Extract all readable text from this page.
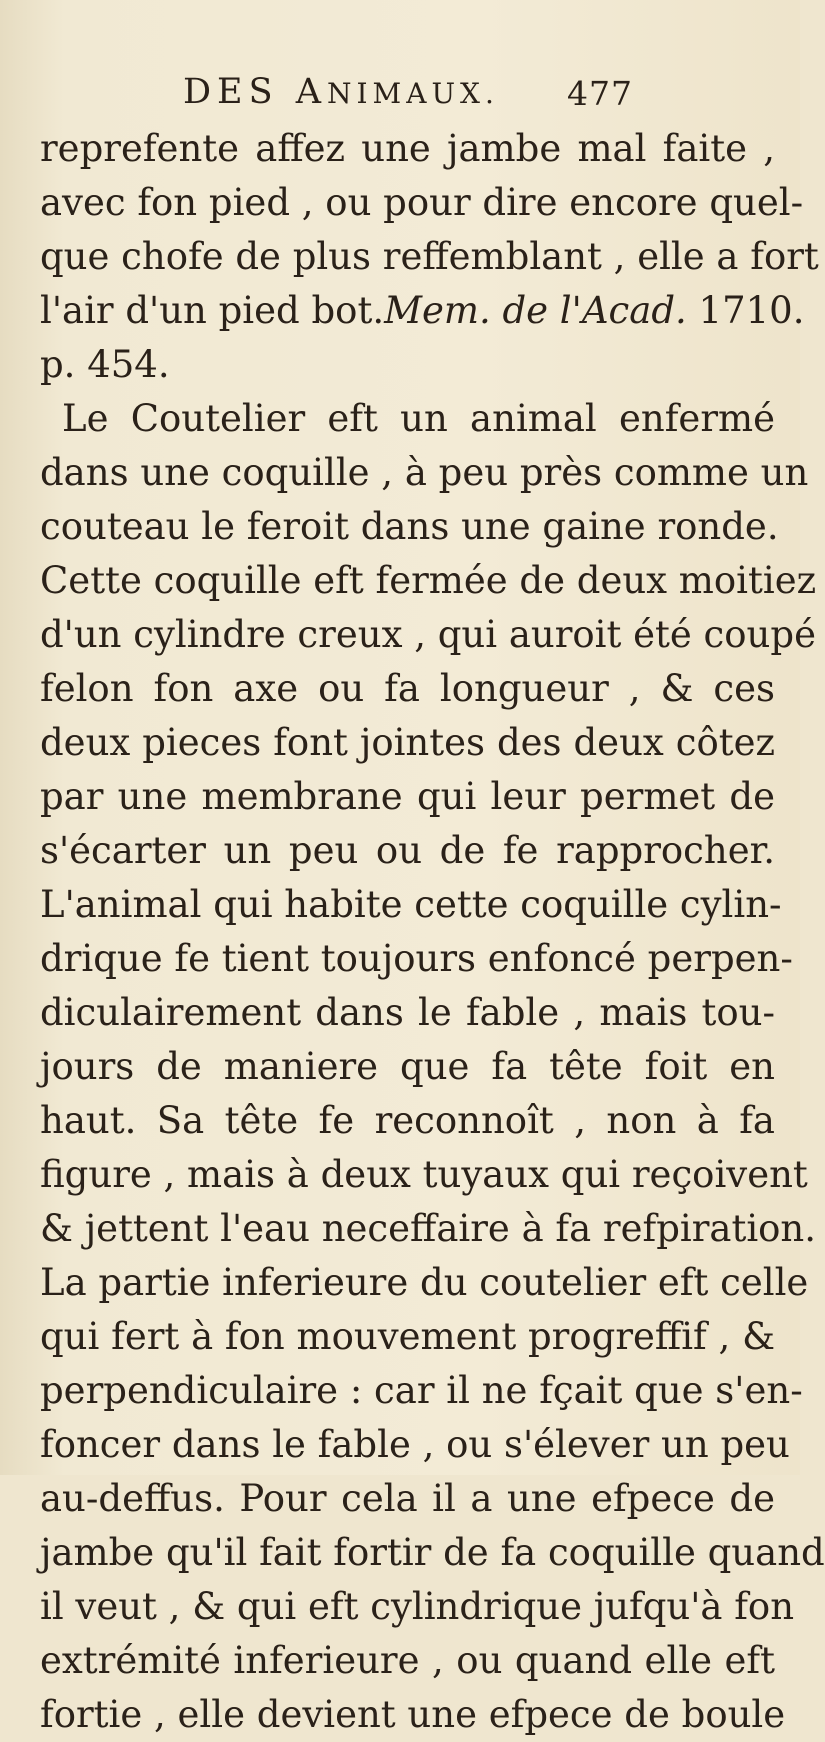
DES ANIMAUX. 477
reprefente affez une jambe mal faite ,
avec fon pied , ou pour dire encore quel-
que chofe de plus reffemblant , elle a fort
l'air d'un pied bot.Mem. de l'Acad. 1710.
p. 454.
Le Coutelier eft un animal enfermé
dans une coquille , à peu près comme un
couteau le feroit dans une gaine ronde.
Cette coquille eft fermée de deux moitiez
d'un cylindre creux , qui auroit été coupé
felon fon axe ou fa longueur , & ces
deux pieces font jointes des deux côtez
par une membrane qui leur permet de
s'écarter un peu ou de fe rapprocher.
L'animal qui habite cette coquille cylin-
drique fe tient toujours enfoncé perpen-
diculairement dans le fable , mais tou-
jours de maniere que fa tête foit en
haut. Sa tête fe reconnoît , non à fa
figure , mais à deux tuyaux qui reçoivent
& jettent l'eau neceffaire à fa refpiration.
La partie inferieure du coutelier eft celle
qui fert à fon mouvement progreffif , &
perpendiculaire : car il ne fçait que s'en-
foncer dans le fable , ou s'élever un peu
au-deffus. Pour cela il a une efpece de
jambe qu'il fait fortir de fa coquille quand
il veut , & qui eft cylindrique jufqu'à fon
extrémité inferieure , ou quand elle eft
fortie , elle devient une efpece de boule
